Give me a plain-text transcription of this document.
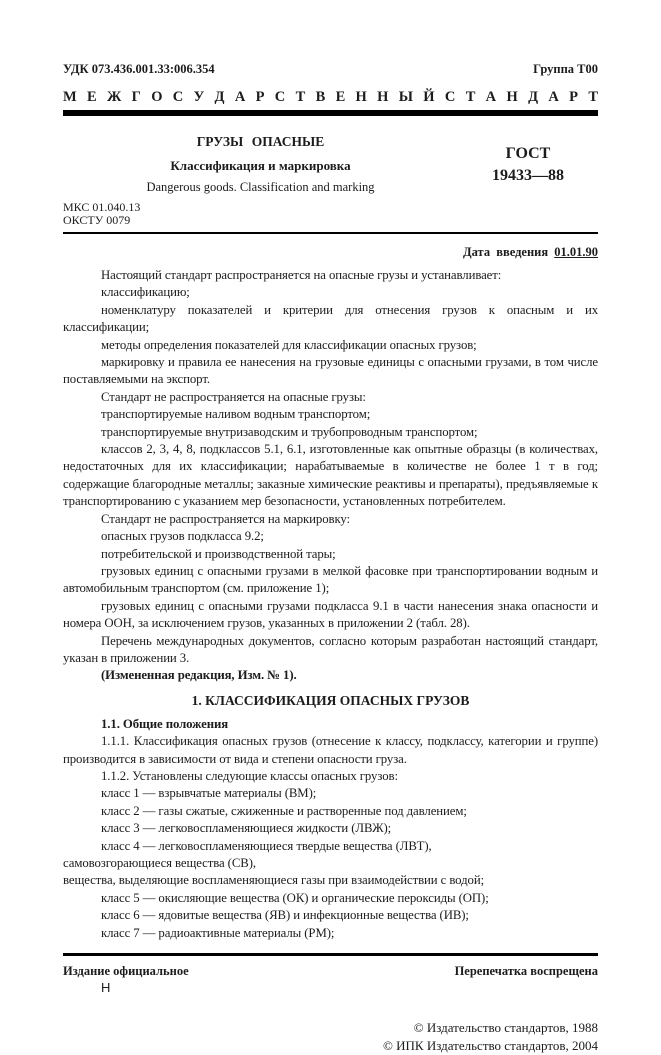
УДК 073.436.001.33:006.354	Группа Т00
М Е Ж Г О С У Д А Р С Т В Е Н Н Ы Й С Т А Н Д А Р Т
ГРУЗЫ ОПАСНЫЕ
Классификация и маркировка
Dangerous goods. Classification and marking
ГОСТ
19433—88
МКС 01.040.13
ОКСТУ 0079
Дата введения 01.01.90

Настоящий стандарт распространяется на опасные грузы и устанавливает:

классификацию;

номенклатуру показателей и критерии для отнесения грузов к опасным и их классификации;

методы определения показателей для классификации опасных грузов;

маркировку и правила ее нанесения на грузовые единицы с опасными грузами, в том числе поставляемыми на экспорт.

Стандарт не распространяется на опасные грузы:

транспортируемые наливом водным транспортом;

транспортируемые внутризаводским и трубопроводным транспортом;

классов 2, 3, 4, 8, подклассов 5.1, 6.1, изготовленные как опытные образцы (в количествах, недостаточных для их классификации; нарабатываемые в количестве не более 1 т в год; содержащие благородные металлы; заказные химические реактивы и препараты), предъявляемые к транспортированию с указанием мер безопасности, установленных потребителем.

Стандарт не распространяется на маркировку:

опасных грузов подкласса 9.2;

потребительской и производственной тары;

грузовых единиц с опасными грузами в мелкой фасовке при транспортировании водным и автомобильным транспортом (см. приложение 1);

грузовых единиц с опасными грузами подкласса 9.1 в части нанесения знака опасности и номера ООН, за исключением грузов, указанных в приложении 2 (табл. 28).

Перечень международных документов, согласно которым разработан настоящий стандарт, указан в приложении 3.

(Измененная редакция, Изм. № 1).

1. КЛАССИФИКАЦИЯ ОПАСНЫХ ГРУЗОВ

1.1. Общие положения

1.1.1. Классификация опасных грузов (отнесение к классу, подклассу, категории и группе) производится в зависимости от вида и степени опасности груза.

1.1.2. Установлены следующие классы опасных грузов:

класс 1 — взрывчатые материалы (ВМ);

класс 2 — газы сжатые, сжиженные и растворенные под давлением;

класс 3 — легковоспламеняющиеся жидкости (ЛВЖ);

класс 4 — легковоспламеняющиеся твердые вещества (ЛВТ),

самовозгорающиеся вещества (СВ),

вещества, выделяющие воспламеняющиеся газы при взаимодействии с водой;

класс 5 — окисляющие вещества (ОК) и органические пероксиды (ОП);

класс 6 — ядовитые вещества (ЯВ) и инфекционные вещества (ИВ);

класс 7 — радиоактивные материалы (РМ);

Издание официальное	Перепечатка воспрещена
Н
© Издательство стандартов, 1988
© ИПК Издательство стандартов, 2004
